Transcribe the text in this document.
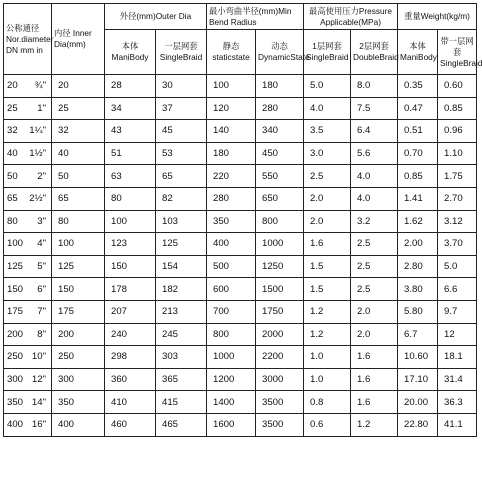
公称通径 Nor.diameter DN mm in	内径 Inner Dia(mm)	外径(mm)Outer Dia		最小弯曲半径(mm)Min Bend Radius		最高使用压力Pressure Applicable(MPa)		重量Weight(kg/m)	
		本体 ManiBody	一层网套 SingleBraid	静态 staticstate	动态 DynamicState	1层网套 SingleBraid	2层网套 DoubleBraid	本体 ManiBody	带一层网套 SingleBraid
20 ¾"	20	28	30	100	180	5.0	8.0	0.35	0.60
25 1"	25	34	37	120	280	4.0	7.5	0.47	0.85
32 1¼"	32	43	45	140	340	3.5	6.4	0.51	0.96
40 1½"	40	51	53	180	450	3.0	5.6	0.70	1.10
50 2"	50	63	65	220	550	2.5	4.0	0.85	1.75
65 2½"	65	80	82	280	650	2.0	4.0	1.41	2.70
80 3"	80	100	103	350	800	2.0	3.2	1.62	3.12
100 4"	100	123	125	400	1000	1.6	2.5	2.00	3.70
125 5"	125	150	154	500	1250	1.5	2.5	2.80	5.0
150 6"	150	178	182	600	1500	1.5	2.5	3.80	6.6
175 7"	175	207	213	700	1750	1.2	2.0	5.80	9.7
200 8"	200	240	245	800	2000	1.2	2.0	6.7	12
250 10"	250	298	303	1000	2200	1.0	1.6	10.60	18.1
300 12"	300	360	365	1200	3000	1.0	1.6	17.10	31.4
350 14"	350	410	415	1400	3500	0.8	1.6	20.00	36.3
400 16"	400	460	465	1600	3500	0.6	1.2	22.80	41.1
